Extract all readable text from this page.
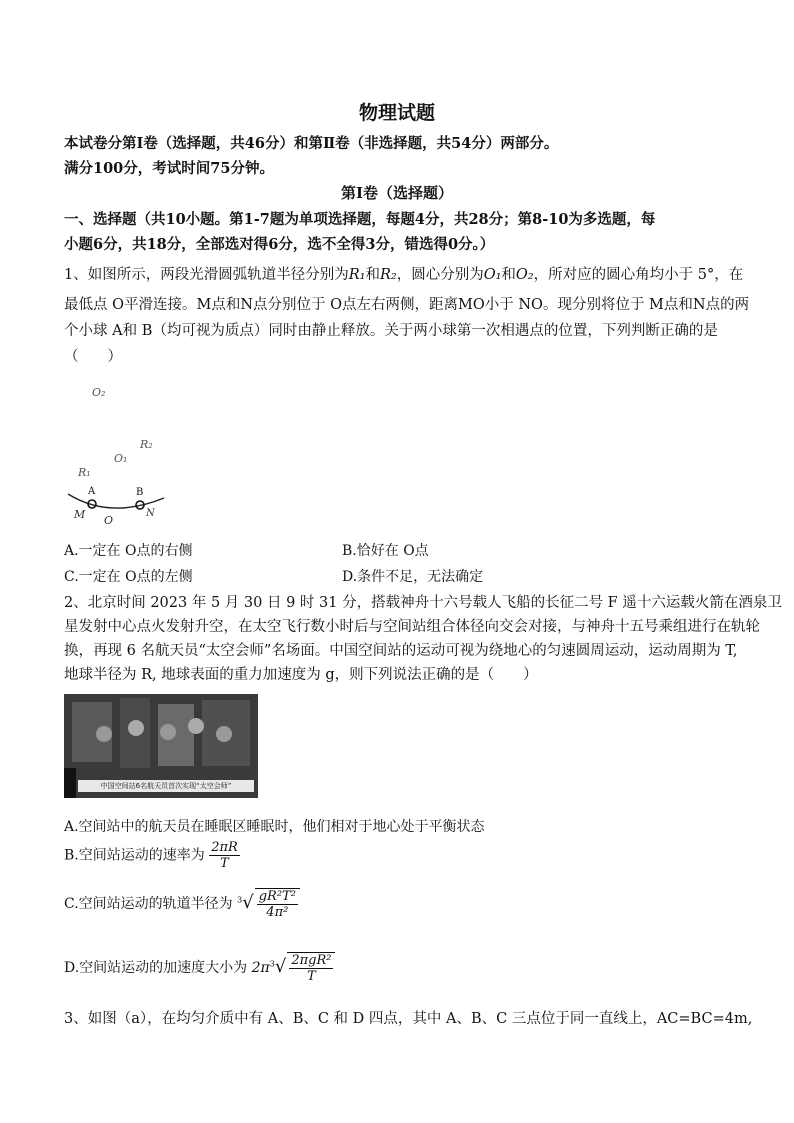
物理试题
本试卷分第Ⅰ卷（选择题，共46分）和第Ⅱ卷（非选择题，共54分）两部分。
满分100分，考试时间75分钟。
第Ⅰ卷（选择题）
一、选择题（共10小题。第1-7题为单项选择题，每题4分，共28分；第8-10为多选题，每
小题6分，共18分，全部选对得6分，选不全得3分，错选得0分。）
1、如图所示，两段光滑圆弧轨道半径分别为R₁和R₂，圆心分别为O₁和O₂，所对应的圆心角均小于 5°，在
最低点 O平滑连接。M点和N点分别位于 O点左右两侧，距离MO小于 NO。现分别将位于 M点和N点的两
个小球 A和 B（均可视为质点）同时由静止释放。关于两小球第一次相遇点的位置，下列判断正确的是
（　　）
O₂
R₂
O₁
R₁
A	B
M O
N
A.一定在 O点的右侧	B.恰好在 O点
C.一定在 O点的左侧	D.条件不足，无法确定
2、北京时间 2023 年 5 月 30 日 9 时 31 分，搭载神舟十六号载人飞船的长征二号 F 遥十六运载火箭在酒泉卫
星发射中心点火发射升空，在太空飞行数小时后与空间站组合体径向交会对接，与神舟十五号乘组进行在轨轮
换，再现 6 名航天员“太空会师”名场面。中国空间站的运动可视为绕地心的匀速圆周运动，运动周期为 T,
地球半径为 R, 地球表面的重力加速度为 g，则下列说法正确的是（　　）
中国空间站6名航天员首次实现“太空会师”
A.空间站中的航天员在睡眠区睡眠时，他们相对于地心处于平衡状态
B.空间站运动的速率为 $\frac{2\pi R}{T}$
C.空间站运动的轨道半径为 $^3√ \frac{\text{gR²T²}}{\text{4π²}}$
D.空间站运动的加速度大小为 $2\pi^3√ \frac{\text{2πgR²}}{T}$
3、如图（a），在均匀介质中有 A、B、C 和 D 四点，其中 A、B、C 三点位于同一直线上，AC=BC=4m,
